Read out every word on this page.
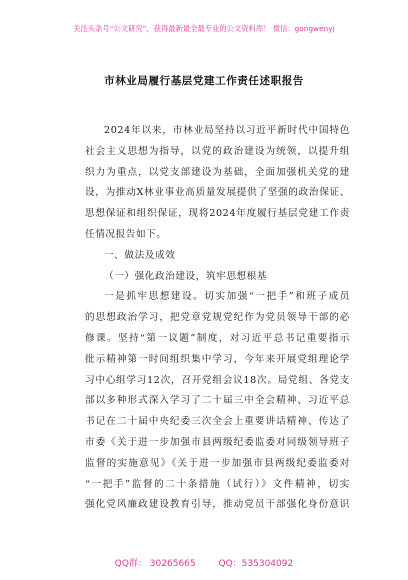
关注头条号“公文研究”，获得最新最全最专业的公文资料库！ 微信：gongwenyj
市林业局履行基层党建工作责任述职报告
2024年以来，市林业局坚持以习近平新时代中国特色
社会主义思想为指导，以党的政治建设为统领，以提升组
织力为重点，以党支部建设为基础，全面加强机关党的建
设，为推动X林业事业高质量发展提供了坚强的政治保证、
思想保证和组织保证，现将2024年度履行基层党建工作责
任情况报告如下。
一、做法及成效
（一）强化政治建设，筑牢思想根基
一是抓牢思想建设。切实加强“一把手”和班子成员
的思想政治学习，把党章党规党纪作为党员领导干部的必
修课。坚持“第一议题”制度，对习近平总书记重要指示
批示精神第一时间组织集中学习，今年来开展党组理论学
习中心组学习12次，召开党组会议18次。局党组、各党支
部以多种形式深入学习了二十届三中全会精神、习近平总
书记在二十届中央纪委三次全会上重要讲话精神、传达了
市委《关于进一步加强市县两级纪委监委对同级领导班子
监督的实施意见》《关于进一步加强市县两级纪委监委对
“一把手”监督的二十条措施（试行）》文件精神，切实
强化党风廉政建设教育引导，推动党员干部强化身份意识
QQ群： 30265665	QQ：535304092
